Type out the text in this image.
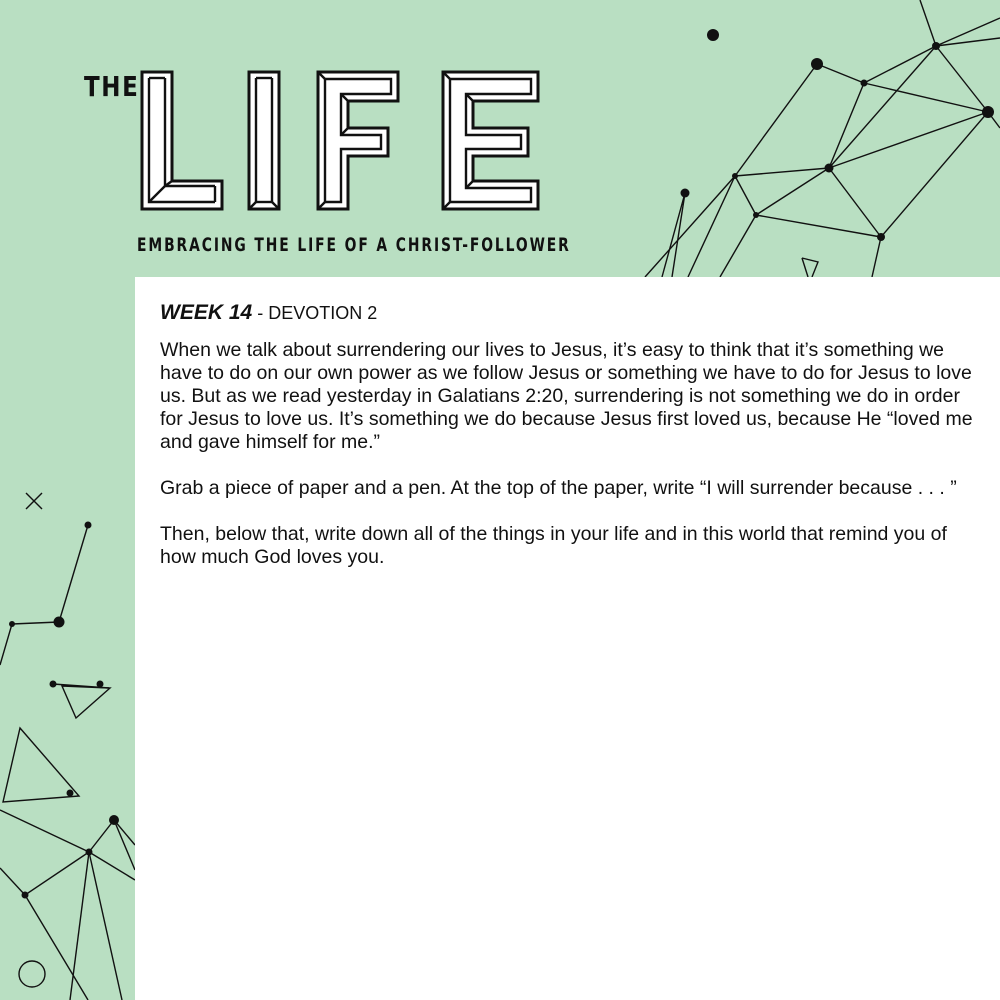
THE
EMBRACING THE LIFE OF A CHRIST-FOLLOWER
WEEK 14 - DEVOTION 2

When we talk about surrendering our lives to Jesus, it’s easy to think that it’s something we have to do on our own power as we follow Jesus or something we have to do for Jesus to love us. But as we read yesterday in Galatians 2:20, surrendering is not something we do in order for Jesus to love us. It’s something we do because Jesus first loved us, because He “loved me and gave himself for me.”

Grab a piece of paper and a pen. At the top of the paper, write “I will surrender because . . . ”

Then, below that, write down all of the things in your life and in this world that remind you of how much God loves you.
